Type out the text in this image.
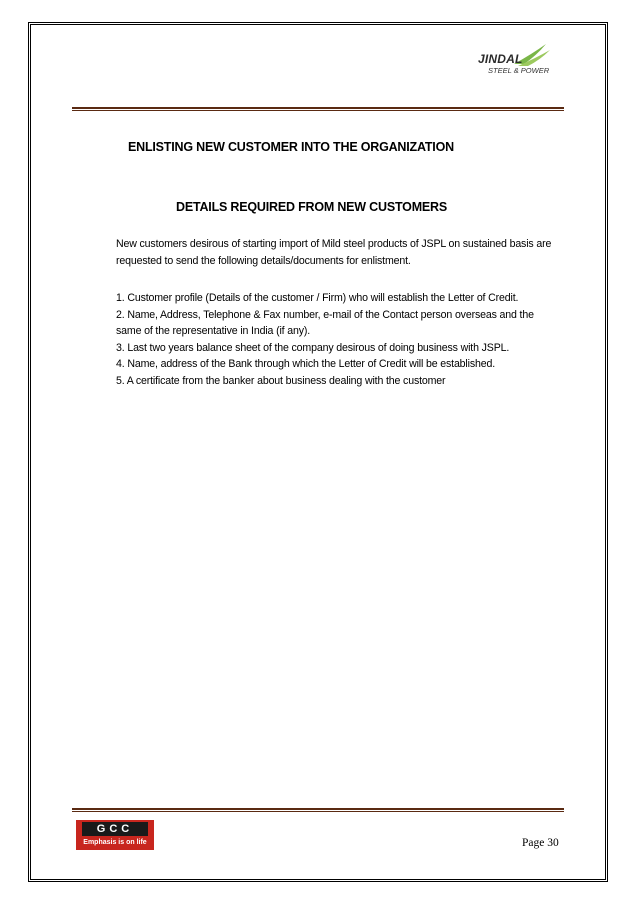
JINDAL
STEEL & POWER
ENLISTING NEW CUSTOMER INTO THE ORGANIZATION
DETAILS REQUIRED FROM NEW CUSTOMERS
New customers desirous of starting import of Mild steel products of JSPL on sustained basis are requested to send the following details/documents for enlistment.
1. Customer profile (Details of the customer / Firm) who will establish the Letter of Credit.
2. Name, Address, Telephone & Fax number, e-mail of the Contact person overseas and the same of the representative in India (if any).
3. Last two years balance sheet of the company desirous of doing business with JSPL.
4. Name, address of the Bank through which the Letter of Credit will be established.
5. A certificate from the banker about business dealing with the customer
GCC
Emphasis is on life	Page 30
